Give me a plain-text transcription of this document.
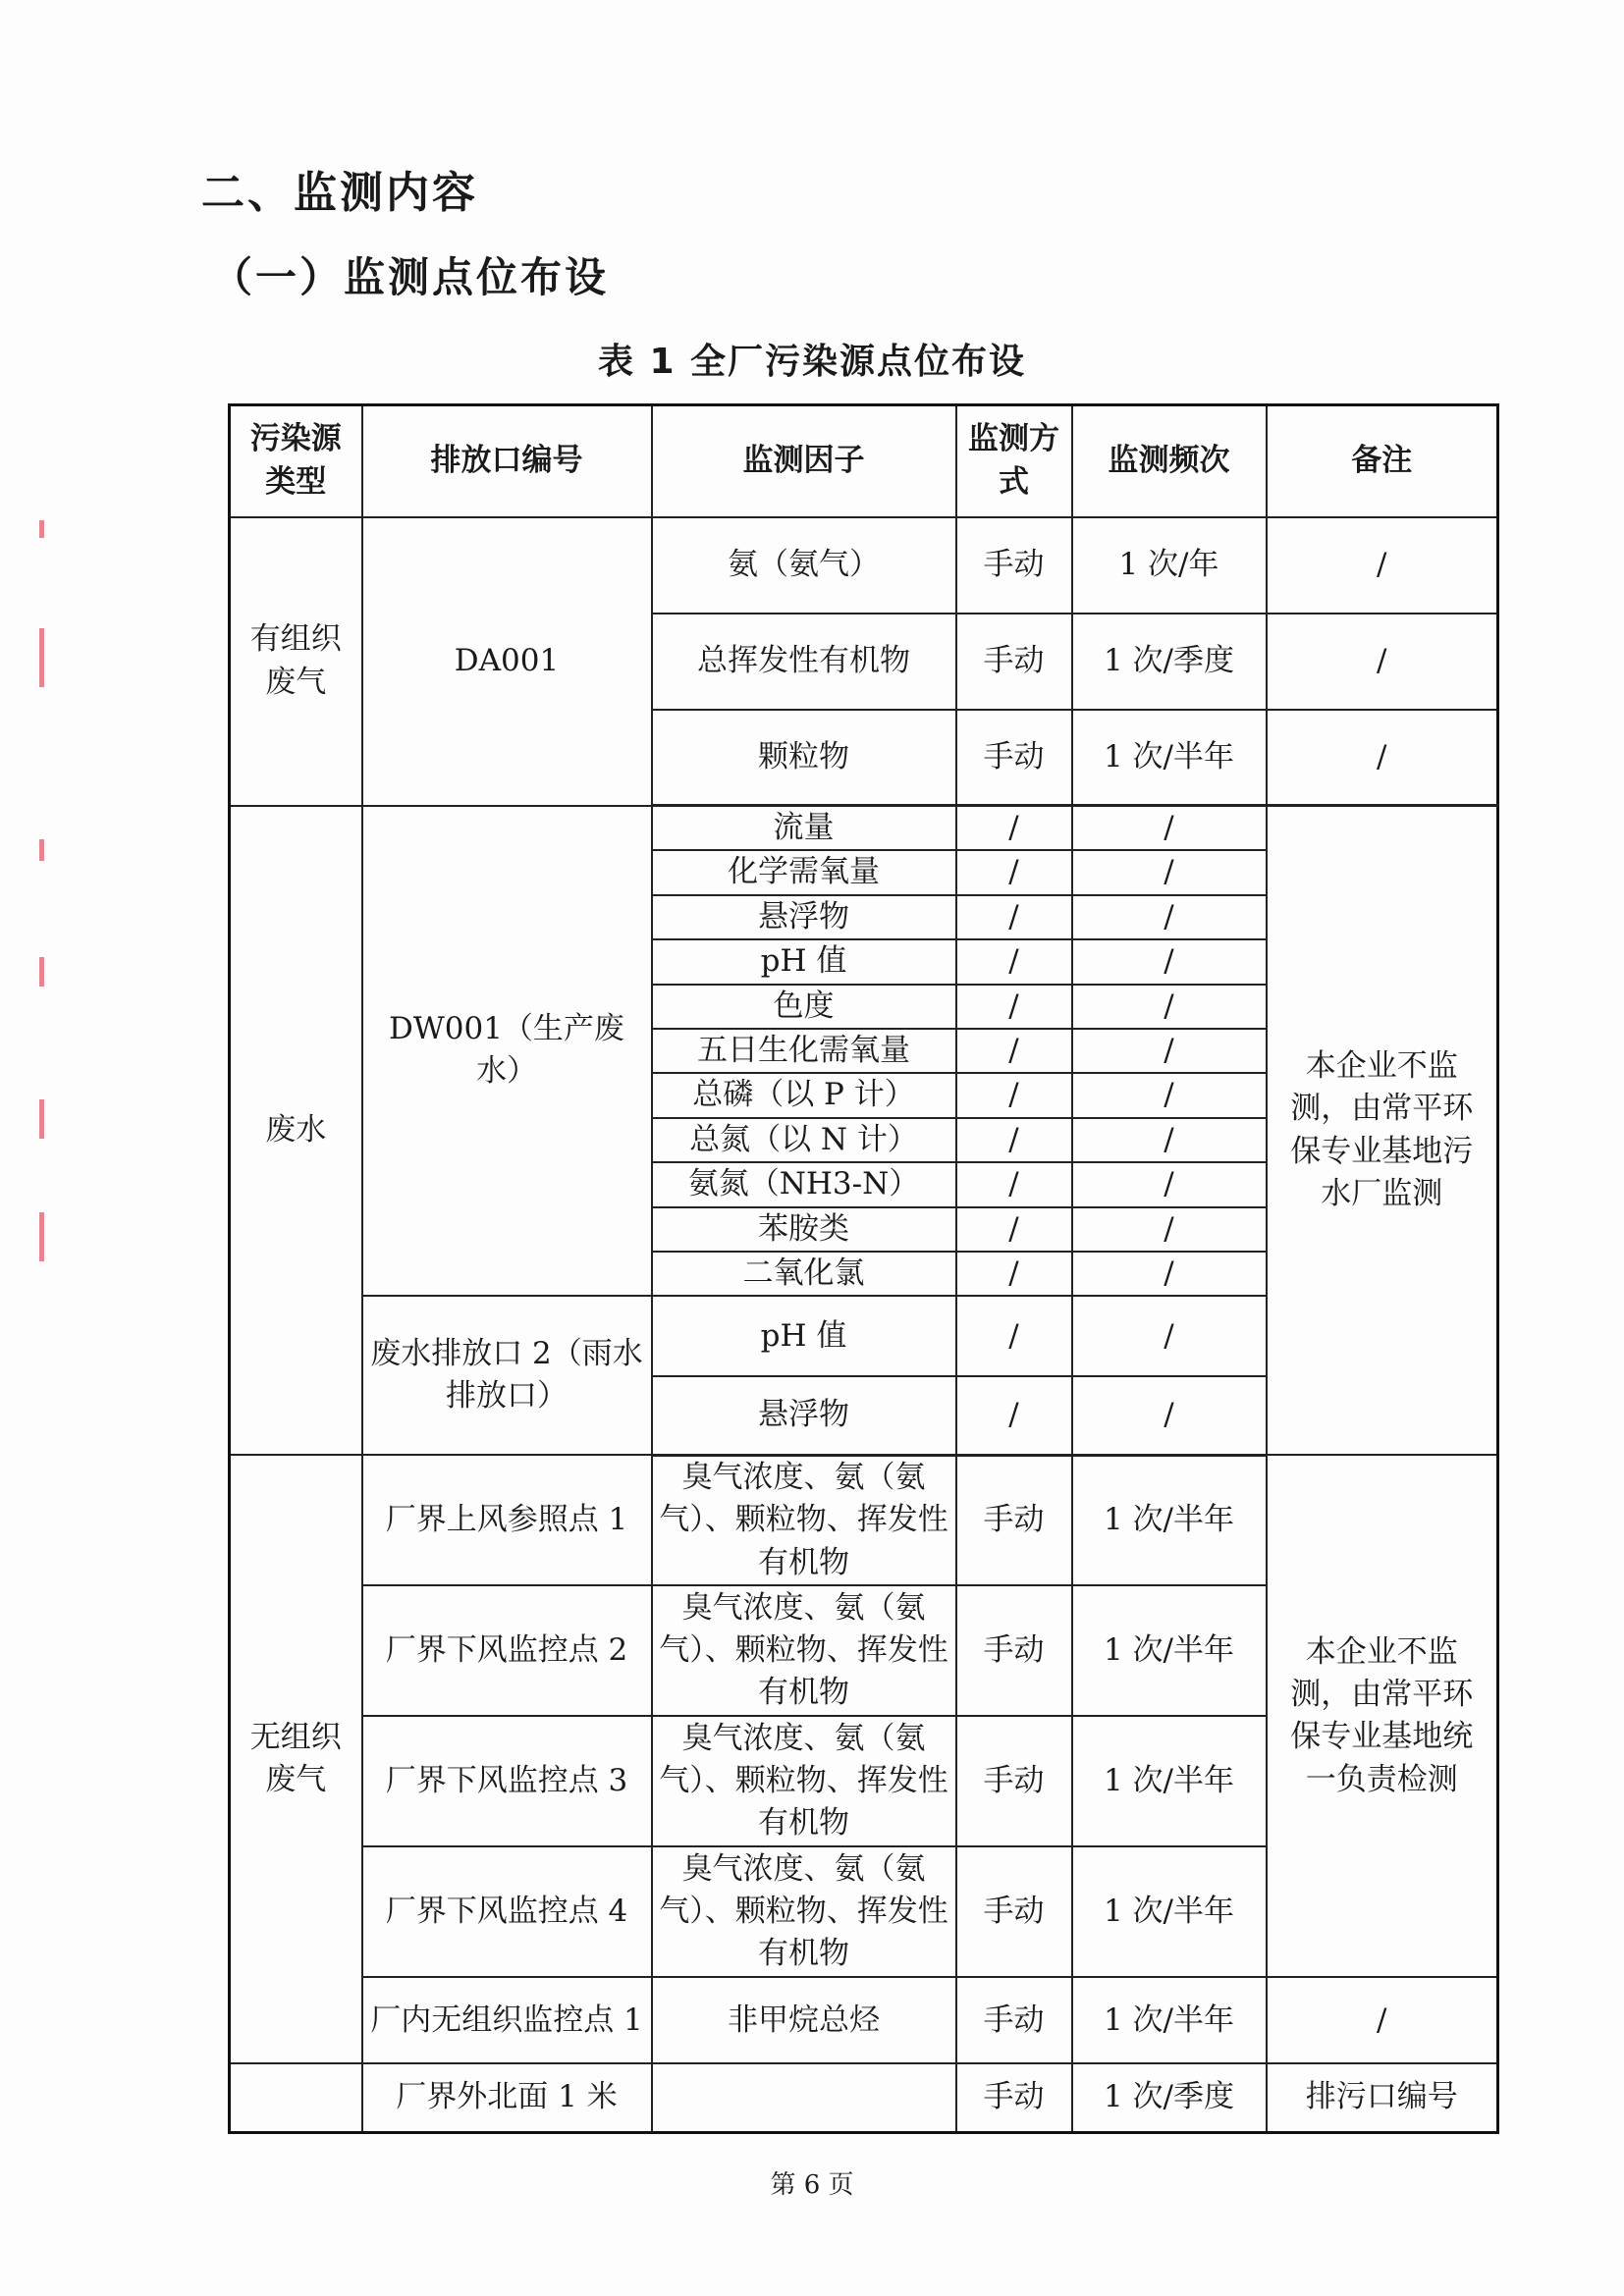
二、监测内容
（一）监测点位布设
表 1 全厂污染源点位布设
污染源类型	排放口编号	监测因子	监测方式	监测频次	备注
有组织废气	DA001	氨（氨气）	手动	1 次/年	/
		总挥发性有机物	手动	1 次/季度	/
		颗粒物	手动	1 次/半年	/
废水	DW001（生产废水）	流量	/	/	本企业不监测，由常平环保专业基地污水厂监测
		化学需氧量	/	/	
		悬浮物	/	/	
		pH 值	/	/	
		色度	/	/	
		五日生化需氧量	/	/	
		总磷（以 P 计）	/	/	
		总氮（以 N 计）	/	/	
		氨氮（NH3-N）	/	/	
		苯胺类	/	/	
		二氧化氯	/	/	
	废水排放口 2（雨水排放口）	pH 值	/	/	
		悬浮物	/	/	
无组织废气	厂界上风参照点 1	臭气浓度、氨（氨气）、颗粒物、挥发性有机物	手动	1 次/半年	本企业不监测，由常平环保专业基地统一负责检测
	厂界下风监控点 2	臭气浓度、氨（氨气）、颗粒物、挥发性有机物	手动	1 次/半年	
	厂界下风监控点 3	臭气浓度、氨（氨气）、颗粒物、挥发性有机物	手动	1 次/半年	
	厂界下风监控点 4	臭气浓度、氨（氨气）、颗粒物、挥发性有机物	手动	1 次/半年	
	厂内无组织监控点 1	非甲烷总烃	手动	1 次/半年	/
	厂界外北面 1 米		手动	1 次/季度	排污口编号
第 6 页
